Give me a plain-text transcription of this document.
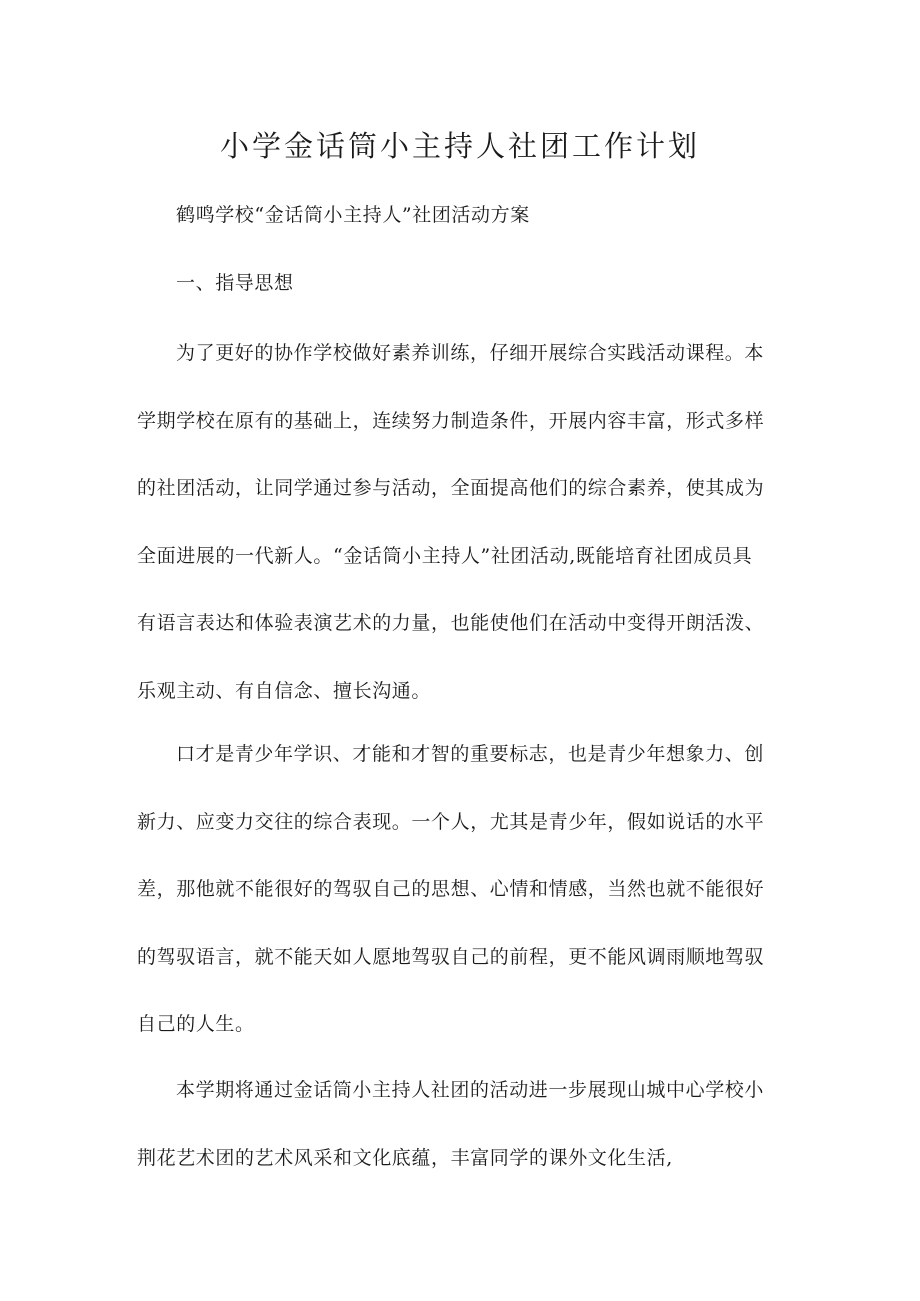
小学金话筒小主持人社团工作计划

鹤鸣学校“金话筒小主持人”社团活动方案

一、指导思想

为了更好的协作学校做好素养训练，仔细开展综合实践活动课程。本
学期学校在原有的基础上，连续努力制造条件，开展内容丰富，形式多样
的社团活动，让同学通过参与活动，全面提高他们的综合素养，使其成为
全面进展的一代新人。“金话筒小主持人”社团活动,既能培育社团成员具
有语言表达和体验表演艺术的力量，也能使他们在活动中变得开朗活泼、
乐观主动、有自信念、擅长沟通。
口才是青少年学识、才能和才智的重要标志，也是青少年想象力、创
新力、应变力交往的综合表现。一个人，尤其是青少年，假如说话的水平
差，那他就不能很好的驾驭自己的思想、心情和情感，当然也就不能很好
的驾驭语言，就不能天如人愿地驾驭自己的前程，更不能风调雨顺地驾驭
自己的人生。
本学期将通过金话筒小主持人社团的活动进一步展现山城中心学校小
荆花艺术团的艺术风采和文化底蕴，丰富同学的课外文化生活,
